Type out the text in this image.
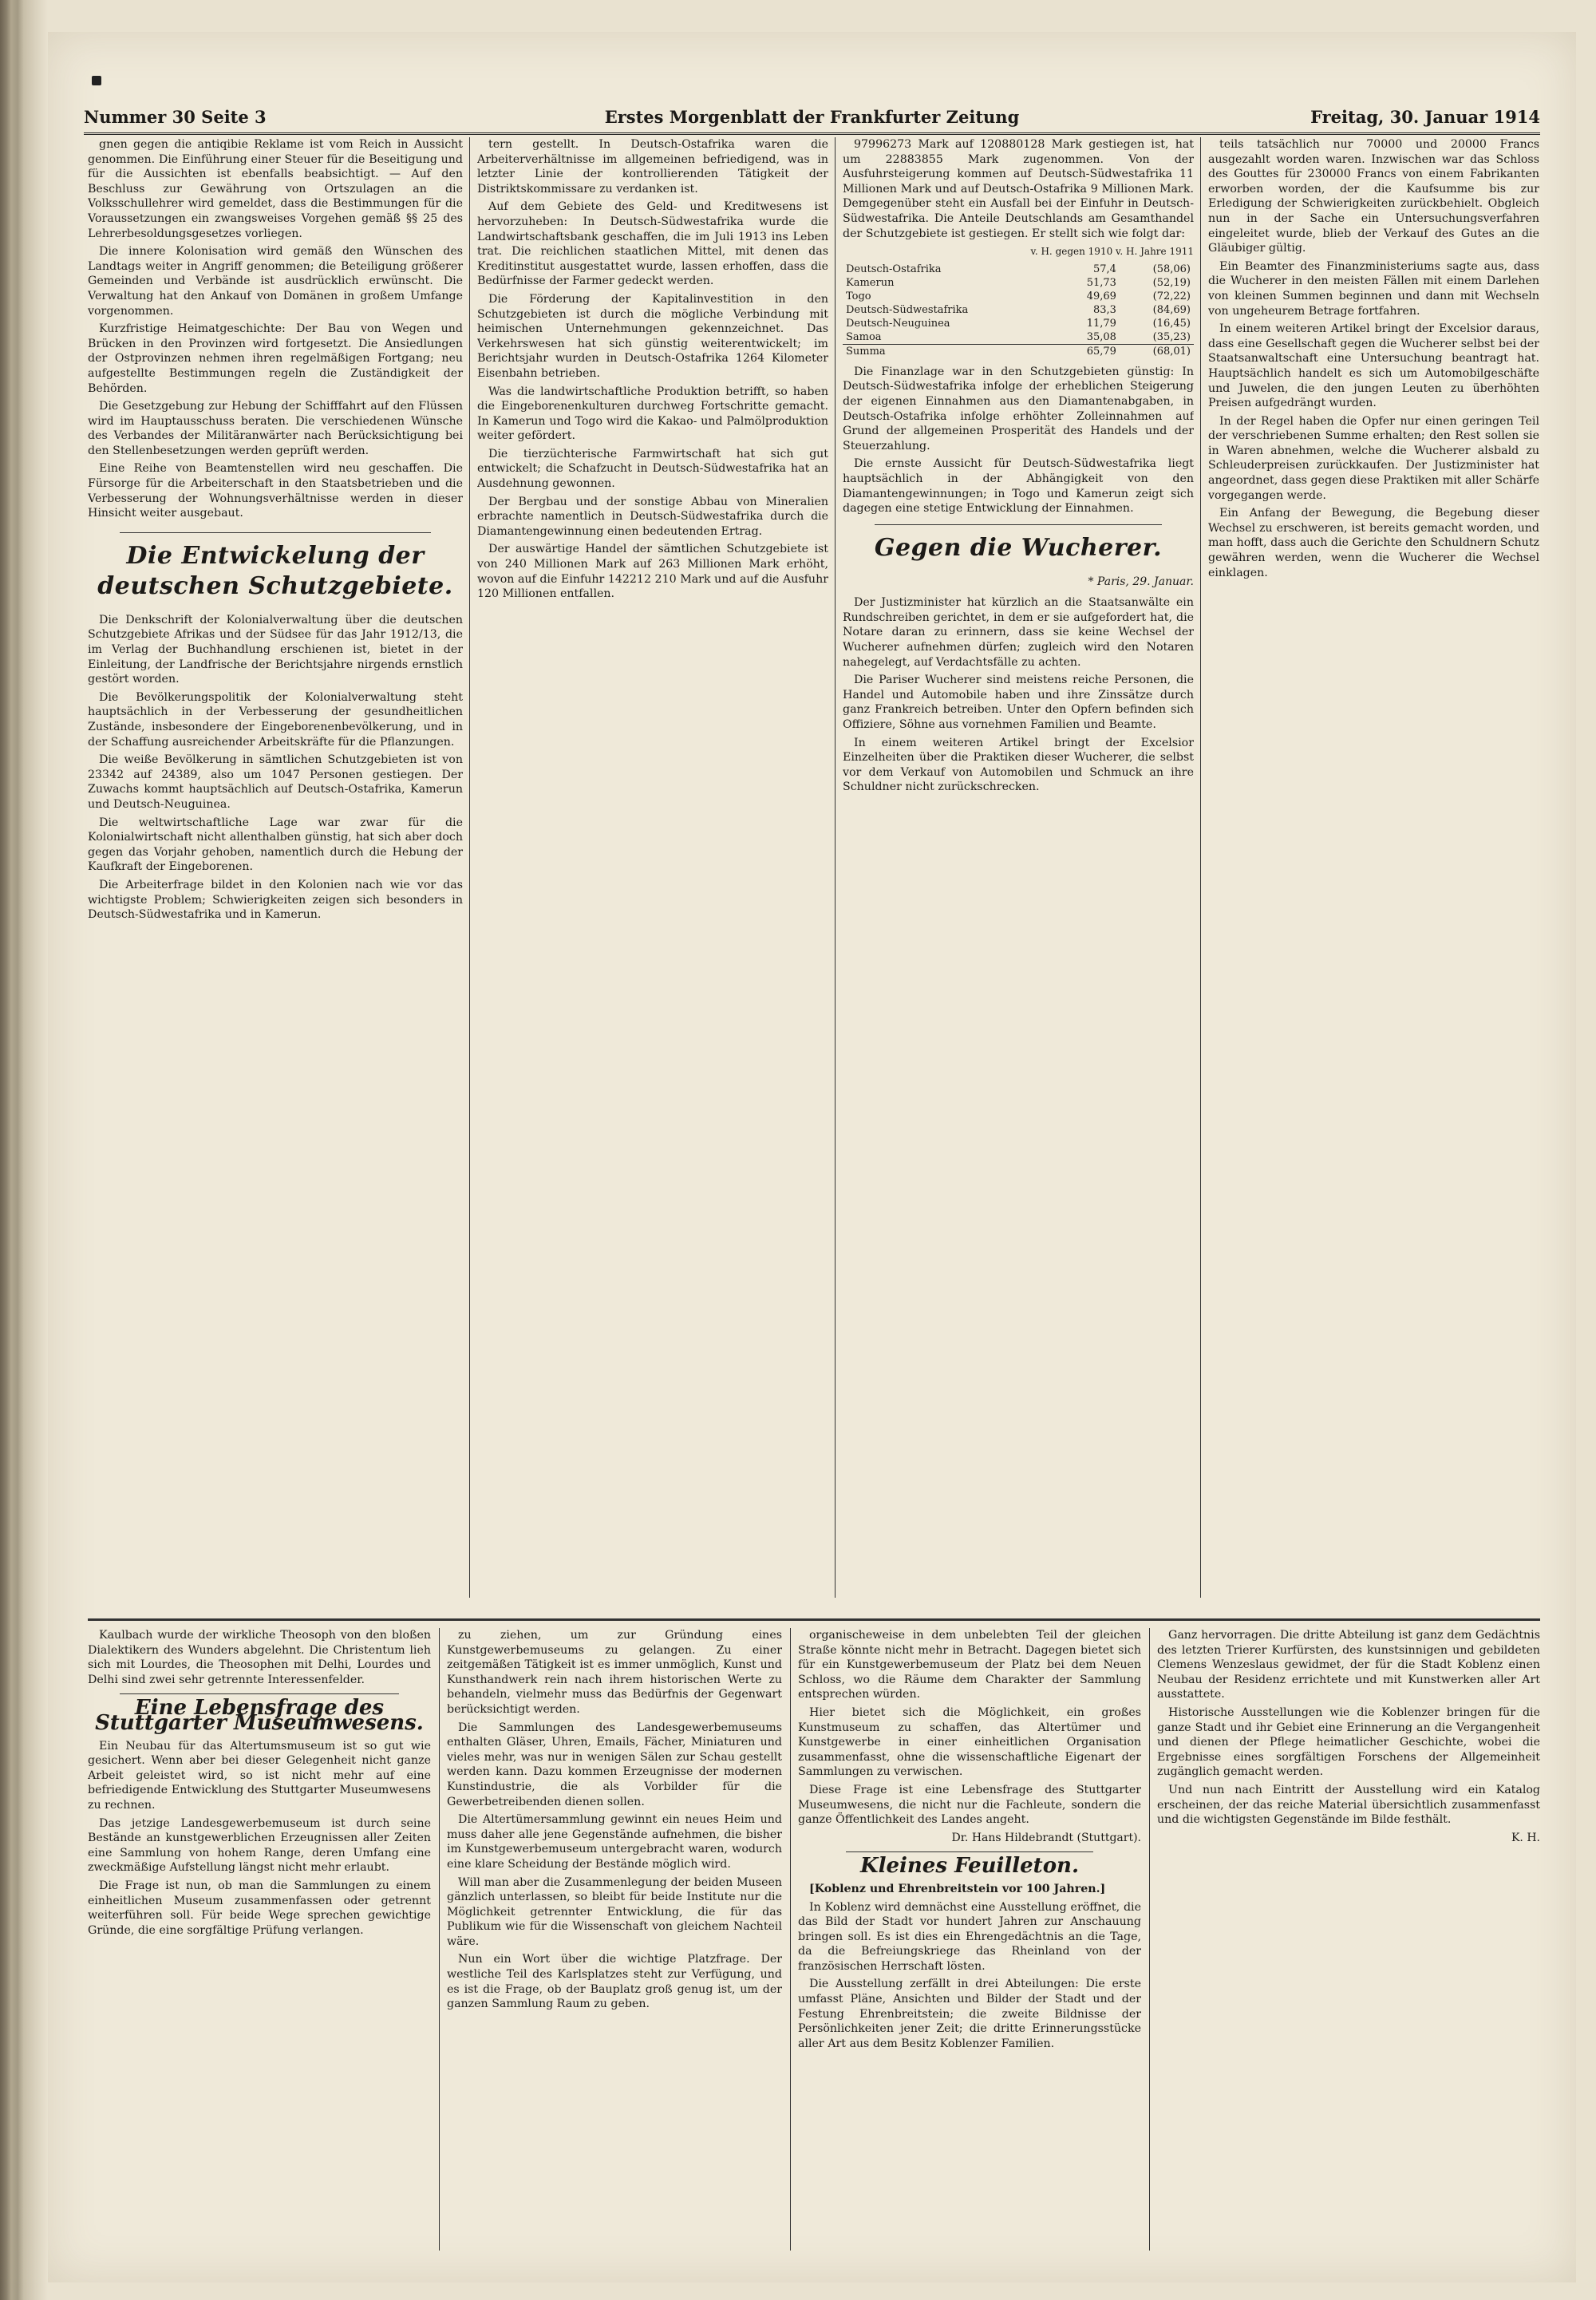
Nummer 30 Seite 3	Erstes Morgenblatt der Frankfurter Zeitung	Freitag, 30. Januar 1914

gnen gegen die antiqibie Reklame ist vom Reich in Aussicht genommen. Die Einführung einer Steuer für die Beseitigung und für die Aussichten ist ebenfalls beabsichtigt. — Auf den Beschluss zur Gewährung von Ortszulagen an die Volksschullehrer wird gemeldet, dass die Bestimmungen für die Voraussetzungen ein zwangsweises Vorgehen gemäß §§ 25 des Lehrerbesoldungsgesetzes vorliegen.

Die innere Kolonisation wird gemäß den Wünschen des Landtags weiter in Angriff genommen; die Beteiligung größerer Gemeinden und Verbände ist ausdrücklich erwünscht. Die Verwaltung hat den Ankauf von Domänen in großem Umfange vorgenommen.

Kurzfristige Heimatgeschichte: Der Bau von Wegen und Brücken in den Provinzen wird fortgesetzt. Die Ansiedlungen der Ostprovinzen nehmen ihren regelmäßigen Fortgang; neu aufgestellte Bestimmungen regeln die Zuständigkeit der Behörden.

Die Gesetzgebung zur Hebung der Schifffahrt auf den Flüssen wird im Hauptausschuss beraten. Die verschiedenen Wünsche des Verbandes der Militäranwärter nach Berücksichtigung bei den Stellenbesetzungen werden geprüft werden.

Eine Reihe von Beamtenstellen wird neu geschaffen. Die Fürsorge für die Arbeiterschaft in den Staatsbetrieben und die Verbesserung der Wohnungsverhältnisse werden in dieser Hinsicht weiter ausgebaut.

Die Entwickelung der deutschen Schutzgebiete.

Die Denkschrift der Kolonialverwaltung über die deutschen Schutzgebiete Afrikas und der Südsee für das Jahr 1912/13, die im Verlag der Buchhandlung erschienen ist, bietet in der Einleitung, der Landfrische der Berichtsjahre nirgends ernstlich gestört worden.

Die Bevölkerungspolitik der Kolonialverwaltung steht hauptsächlich in der Verbesserung der gesundheitlichen Zustände, insbesondere der Eingeborenenbevölkerung, und in der Schaffung ausreichender Arbeitskräfte für die Pflanzungen.

Die weiße Bevölkerung in sämtlichen Schutzgebieten ist von 23342 auf 24389, also um 1047 Personen gestiegen. Der Zuwachs kommt hauptsächlich auf Deutsch-Ostafrika, Kamerun und Deutsch-Neuguinea.

Die weltwirtschaftliche Lage war zwar für die Kolonialwirtschaft nicht allenthalben günstig, hat sich aber doch gegen das Vorjahr gehoben, namentlich durch die Hebung der Kaufkraft der Eingeborenen.

Die Arbeiterfrage bildet in den Kolonien nach wie vor das wichtigste Problem; Schwierigkeiten zeigen sich besonders in Deutsch-Südwestafrika und in Kamerun.

tern gestellt. In Deutsch-Ostafrika waren die Arbeiterverhältnisse im allgemeinen befriedigend, was in letzter Linie der kontrollierenden Tätigkeit der Distriktskommissare zu verdanken ist.

Auf dem Gebiete des Geld- und Kreditwesens ist hervorzuheben: In Deutsch-Südwestafrika wurde die Landwirtschaftsbank geschaffen, die im Juli 1913 ins Leben trat. Die reichlichen staatlichen Mittel, mit denen das Kreditinstitut ausgestattet wurde, lassen erhoffen, dass die Bedürfnisse der Farmer gedeckt werden.

Die Förderung der Kapitalinvestition in den Schutzgebieten ist durch die mögliche Verbindung mit heimischen Unternehmungen gekennzeichnet. Das Verkehrswesen hat sich günstig weiterentwickelt; im Berichtsjahr wurden in Deutsch-Ostafrika 1264 Kilometer Eisenbahn betrieben.

Was die landwirtschaftliche Produktion betrifft, so haben die Eingeborenenkulturen durchweg Fortschritte gemacht. In Kamerun und Togo wird die Kakao- und Palmölproduktion weiter gefördert.

Die tierzüchterische Farmwirtschaft hat sich gut entwickelt; die Schafzucht in Deutsch-Südwestafrika hat an Ausdehnung gewonnen.

Der Bergbau und der sonstige Abbau von Mineralien erbrachte namentlich in Deutsch-Südwestafrika durch die Diamantengewinnung einen bedeutenden Ertrag.

Der auswärtige Handel der sämtlichen Schutzgebiete ist von 240 Millionen Mark auf 263 Millionen Mark erhöht, wovon auf die Einfuhr 142212 210 Mark und auf die Ausfuhr 120 Millionen entfallen.

97996273 Mark auf 120880128 Mark gestiegen ist, hat um 22883855 Mark zugenommen. Von der Ausfuhrsteigerung kommen auf Deutsch-Südwestafrika 11 Millionen Mark und auf Deutsch-Ostafrika 9 Millionen Mark. Demgegenüber steht ein Ausfall bei der Einfuhr in Deutsch-Südwestafrika. Die Anteile Deutschlands am Gesamthandel der Schutzgebiete ist gestiegen. Er stellt sich wie folgt dar:

v. H. gegen 1910 v. H. Jahre 1911
Deutsch-Ostafrika	57,4	(58,06)
Kamerun	51,73	(52,19)
Togo	49,69	(72,22)
Deutsch-Südwestafrika	83,3	(84,69)
Deutsch-Neuguinea	11,79	(16,45)
Samoa	35,08	(35,23)
Summa	65,79	(68,01)

Die Finanzlage war in den Schutzgebieten günstig: In Deutsch-Südwestafrika infolge der erheblichen Steigerung der eigenen Einnahmen aus den Diamantenabgaben, in Deutsch-Ostafrika infolge erhöhter Zolleinnahmen auf Grund der allgemeinen Prosperität des Handels und der Steuerzahlung.

Die ernste Aussicht für Deutsch-Südwestafrika liegt hauptsächlich in der Abhängigkeit von den Diamantengewinnungen; in Togo und Kamerun zeigt sich dagegen eine stetige Entwicklung der Einnahmen.

Gegen die Wucherer.
* Paris, 29. Januar.

Der Justizminister hat kürzlich an die Staatsanwälte ein Rundschreiben gerichtet, in dem er sie aufgefordert hat, die Notare daran zu erinnern, dass sie keine Wechsel der Wucherer aufnehmen dürfen; zugleich wird den Notaren nahegelegt, auf Verdachtsfälle zu achten.

Die Pariser Wucherer sind meistens reiche Personen, die Handel und Automobile haben und ihre Zinssätze durch ganz Frankreich betreiben. Unter den Opfern befinden sich Offiziere, Söhne aus vornehmen Familien und Beamte.

In einem weiteren Artikel bringt der Excelsior Einzelheiten über die Praktiken dieser Wucherer, die selbst vor dem Verkauf von Automobilen und Schmuck an ihre Schuldner nicht zurückschrecken.

teils tatsächlich nur 70000 und 20000 Francs ausgezahlt worden waren. Inzwischen war das Schloss des Gouttes für 230000 Francs von einem Fabrikanten erworben worden, der die Kaufsumme bis zur Erledigung der Schwierigkeiten zurückbehielt. Obgleich nun in der Sache ein Untersuchungsverfahren eingeleitet wurde, blieb der Verkauf des Gutes an die Gläubiger gültig.

Ein Beamter des Finanzministeriums sagte aus, dass die Wucherer in den meisten Fällen mit einem Darlehen von kleinen Summen beginnen und dann mit Wechseln von ungeheurem Betrage fortfahren.

In einem weiteren Artikel bringt der Excelsior daraus, dass eine Gesellschaft gegen die Wucherer selbst bei der Staatsanwaltschaft eine Untersuchung beantragt hat. Hauptsächlich handelt es sich um Automobilgeschäfte und Juwelen, die den jungen Leuten zu überhöhten Preisen aufgedrängt wurden.

In der Regel haben die Opfer nur einen geringen Teil der verschriebenen Summe erhalten; den Rest sollen sie in Waren abnehmen, welche die Wucherer alsbald zu Schleuderpreisen zurückkaufen. Der Justizminister hat angeordnet, dass gegen diese Praktiken mit aller Schärfe vorgegangen werde.

Ein Anfang der Bewegung, die Begebung dieser Wechsel zu erschweren, ist bereits gemacht worden, und man hofft, dass auch die Gerichte den Schuldnern Schutz gewähren werden, wenn die Wucherer die Wechsel einklagen.

Kaulbach wurde der wirkliche Theosoph von den bloßen Dialektikern des Wunders abgelehnt. Die Christentum lieh sich mit Lourdes, die Theosophen mit Delhi, Lourdes und Delhi sind zwei sehr getrennte Interessenfelder.

Eine Lebensfrage des Stuttgarter Museumwesens.

Ein Neubau für das Altertumsmuseum ist so gut wie gesichert. Wenn aber bei dieser Gelegenheit nicht ganze Arbeit geleistet wird, so ist nicht mehr auf eine befriedigende Entwicklung des Stuttgarter Museumwesens zu rechnen.

Das jetzige Landesgewerbemuseum ist durch seine Bestände an kunstgewerblichen Erzeugnissen aller Zeiten eine Sammlung von hohem Range, deren Umfang eine zweckmäßige Aufstellung längst nicht mehr erlaubt.

Die Frage ist nun, ob man die Sammlungen zu einem einheitlichen Museum zusammenfassen oder getrennt weiterführen soll. Für beide Wege sprechen gewichtige Gründe, die eine sorgfältige Prüfung verlangen.

zu ziehen, um zur Gründung eines Kunstgewerbemuseums zu gelangen. Zu einer zeitgemäßen Tätigkeit ist es immer unmöglich, Kunst und Kunsthandwerk rein nach ihrem historischen Werte zu behandeln, vielmehr muss das Bedürfnis der Gegenwart berücksichtigt werden.

Die Sammlungen des Landesgewerbemuseums enthalten Gläser, Uhren, Emails, Fächer, Miniaturen und vieles mehr, was nur in wenigen Sälen zur Schau gestellt werden kann. Dazu kommen Erzeugnisse der modernen Kunstindustrie, die als Vorbilder für die Gewerbetreibenden dienen sollen.

Die Altertümersammlung gewinnt ein neues Heim und muss daher alle jene Gegenstände aufnehmen, die bisher im Kunstgewerbemuseum untergebracht waren, wodurch eine klare Scheidung der Bestände möglich wird.

Will man aber die Zusammenlegung der beiden Museen gänzlich unterlassen, so bleibt für beide Institute nur die Möglichkeit getrennter Entwicklung, die für das Publikum wie für die Wissenschaft von gleichem Nachteil wäre.

Nun ein Wort über die wichtige Platzfrage. Der westliche Teil des Karlsplatzes steht zur Verfügung, und es ist die Frage, ob der Bauplatz groß genug ist, um der ganzen Sammlung Raum zu geben.

organischeweise in dem unbelebten Teil der gleichen Straße könnte nicht mehr in Betracht. Dagegen bietet sich für ein Kunstgewerbemuseum der Platz bei dem Neuen Schloss, wo die Räume dem Charakter der Sammlung entsprechen würden.

Hier bietet sich die Möglichkeit, ein großes Kunstmuseum zu schaffen, das Altertümer und Kunstgewerbe in einer einheitlichen Organisation zusammenfasst, ohne die wissenschaftliche Eigenart der Sammlungen zu verwischen.

Diese Frage ist eine Lebensfrage des Stuttgarter Museumwesens, die nicht nur die Fachleute, sondern die ganze Öffentlichkeit des Landes angeht.

Dr. Hans Hildebrandt (Stuttgart).
Kleines Feuilleton.

[Koblenz und Ehrenbreitstein vor 100 Jahren.]

In Koblenz wird demnächst eine Ausstellung eröffnet, die das Bild der Stadt vor hundert Jahren zur Anschauung bringen soll. Es ist dies ein Ehrengedächtnis an die Tage, da die Befreiungskriege das Rheinland von der französischen Herrschaft lösten.

Die Ausstellung zerfällt in drei Abteilungen: Die erste umfasst Pläne, Ansichten und Bilder der Stadt und der Festung Ehrenbreitstein; die zweite Bildnisse der Persönlichkeiten jener Zeit; die dritte Erinnerungsstücke aller Art aus dem Besitz Koblenzer Familien.

Ganz hervorragen. Die dritte Abteilung ist ganz dem Gedächtnis des letzten Trierer Kurfürsten, des kunstsinnigen und gebildeten Clemens Wenzeslaus gewidmet, der für die Stadt Koblenz einen Neubau der Residenz errichtete und mit Kunstwerken aller Art ausstattete.

Historische Ausstellungen wie die Koblenzer bringen für die ganze Stadt und ihr Gebiet eine Erinnerung an die Vergangenheit und dienen der Pflege heimatlicher Geschichte, wobei die Ergebnisse eines sorgfältigen Forschens der Allgemeinheit zugänglich gemacht werden.

Und nun nach Eintritt der Ausstellung wird ein Katalog erscheinen, der das reiche Material übersichtlich zusammenfasst und die wichtigsten Gegenstände im Bilde festhält.

K. H.
